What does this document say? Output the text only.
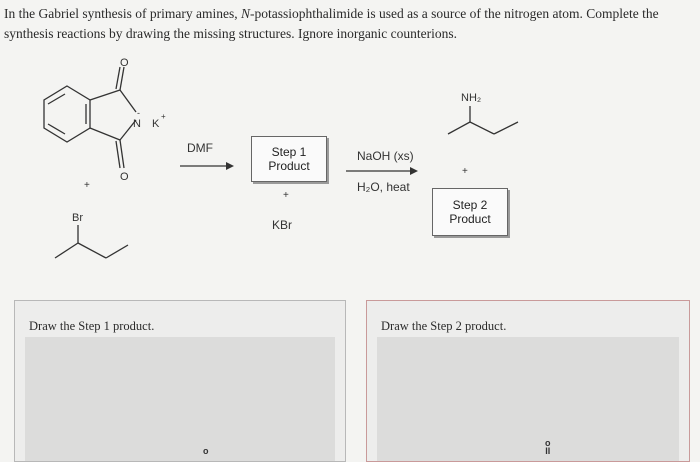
In the Gabriel synthesis of primary amines, N-potassiophthalimide is used as a source of the nitrogen atom. Complete the synthesis reactions by drawing the missing structures. Ignore inorganic counterions.
O
O
N
-
K
+
+
Br
DMF
+
KBr
NaOH (xs)
H₂O, heat
NH₂
+
Step 1
Product
Step 2
Product
Draw the Step 1 product.
o
Draw the Step 2 product.
o
II
